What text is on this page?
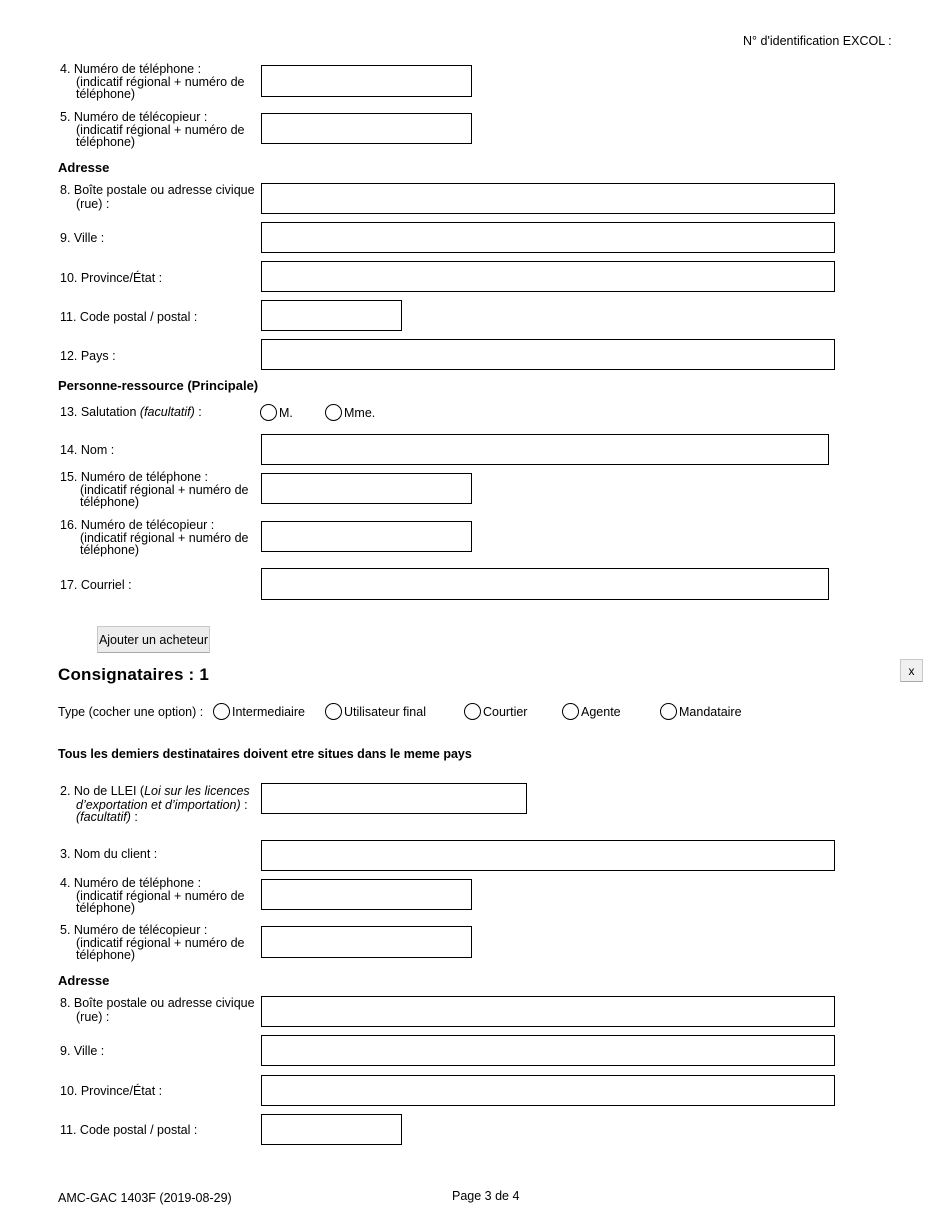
N° d'identification EXCOL :
4. Numéro de téléphone :
(indicatif régional + numéro de
téléphone)
5. Numéro de télécopieur :
(indicatif régional + numéro de
téléphone)
Adresse
8. Boîte postale ou adresse civique
(rue) :
9. Ville :
10. Province/État :
11. Code postal / postal :
12. Pays :
Personne-ressource (Principale)
13. Salutation (facultatif) :	M.	Mme.
14. Nom :
15. Numéro de téléphone :
(indicatif régional + numéro de
téléphone)
16. Numéro de télécopieur :
(indicatif régional + numéro de
téléphone)
17. Courriel :
Ajouter un acheteur
Consignataires : 1	x
Type (cocher une option) : Intermediaire	Utilisateur final	Courtier	Agente	Mandataire
Tous les demiers destinataires doivent etre situes dans le meme pays
2. No de LLEI (Loi sur les licences
d’exportation et d’importation) :
(facultatif) :
3. Nom du client :
4. Numéro de téléphone :
(indicatif régional + numéro de
téléphone)
5. Numéro de télécopieur :
(indicatif régional + numéro de
téléphone)
Adresse
8. Boîte postale ou adresse civique
(rue) :
9. Ville :
10. Province/État :
11. Code postal / postal :
AMC-GAC 1403F (2019-08-29)	Page 3 de 4
